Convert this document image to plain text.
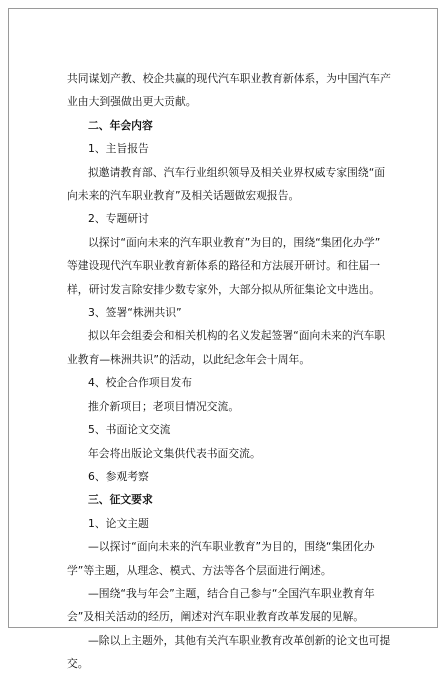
共同谋划产教、校企共赢的现代汽车职业教育新体系，为中国汽车产

业由大到强做出更大贡献。

二、年会内容

1、主旨报告

拟邀请教育部、汽车行业组织领导及相关业界权威专家围绕“面

向未来的汽车职业教育”及相关话题做宏观报告。

2、专题研讨

以探讨“面向未来的汽车职业教育”为目的，围绕“集团化办学”

等建设现代汽车职业教育新体系的路径和方法展开研讨。和往届一

样，研讨发言除安排少数专家外，大部分拟从所征集论文中选出。

3、签署“株洲共识”

拟以年会组委会和相关机构的名义发起签署“面向未来的汽车职

业教育—株洲共识”的活动，以此纪念年会十周年。

4、校企合作项目发布

推介新项目；老项目情况交流。

5、书面论文交流

年会将出版论文集供代表书面交流。

6、参观考察

三、征文要求

1、论文主题

—以探讨“面向未来的汽车职业教育”为目的，围绕“集团化办

学”等主题，从理念、模式、方法等各个层面进行阐述。

—围绕“我与年会”主题，结合自己参与“全国汽车职业教育年

会”及相关活动的经历，阐述对汽车职业教育改革发展的见解。

—除以上主题外，其他有关汽车职业教育改革创新的论文也可提

交。
